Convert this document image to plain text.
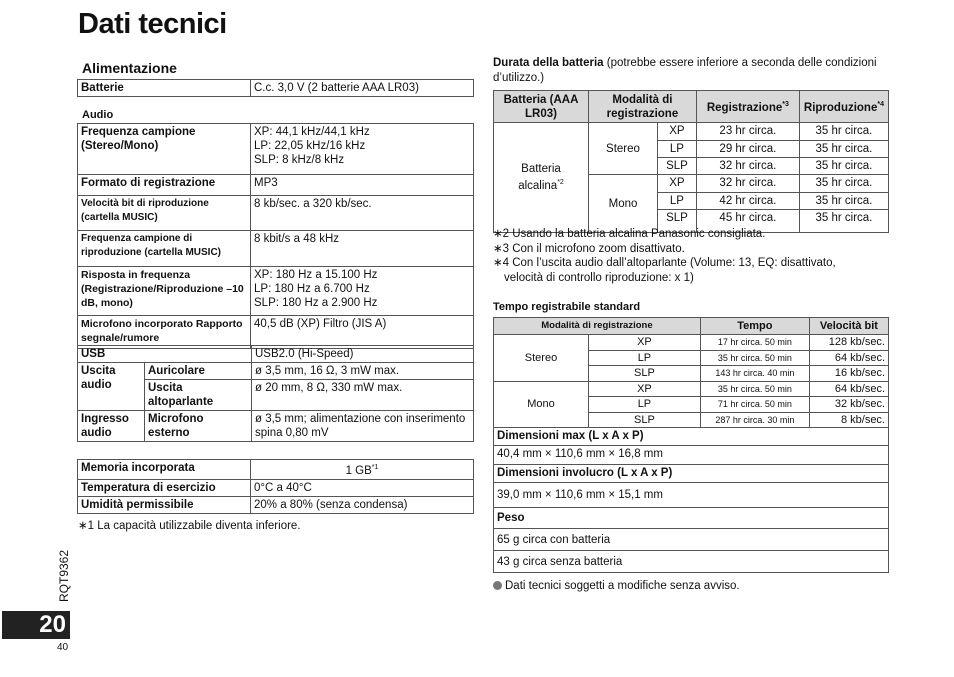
Dati tecnici
Alimentazione
Batterie	C.c. 3,0 V (2 batterie AAA LR03)
Audio
Frequenza campione (Stereo/Mono)	XP: 44,1 kHz/44,1 kHz
LP: 22,05 kHz/16 kHz
SLP: 8 kHz/8 kHz

Formato di registrazione	MP3

Velocità bit di riproduzione (cartella MUSIC)	8 kb/sec. a 320 kb/sec.

Frequenza campione di riproduzione (cartella MUSIC)	8 kbit/s a 48 kHz

Risposta in frequenza (Registrazione/Riproduzione –10 dB, mono)	XP: 180 Hz a 15.100 Hz
LP: 180 Hz a 6.700 Hz
SLP: 180 Hz a 2.900 Hz

Microfono incorporato Rapporto segnale/rumore	40,5 dB (XP) Filtro (JIS A)
USB		USB2.0 (Hi-Speed)
Uscita audio	Auricolare	ø 3,5 mm, 16 Ω, 3 mW max.
	Uscita altoparlante	ø 20 mm, 8 Ω, 330 mW max.
Ingresso audio	Microfono esterno	ø 3,5 mm; alimentazione con inserimento spina 0,80 mV
Memoria incorporata	1 GB$^{*1}$
Temperatura di esercizio	0°C a 40°C
Umidità permissibile	20% a 80% (senza condensa)
∗1 La capacità utilizzabile diventa inferiore.
Durata della batteria (potrebbe essere inferiore a seconda delle condizioni d’utilizzo.)
Batteria (AAA LR03)	Modalità di registrazione		Registrazione$^{*3}$	Riproduzione$^{*4}$
Batteria alcalina$^{*2}$	Stereo	XP	23 hr circa.	35 hr circa.
		LP	29 hr circa.	35 hr circa.
		SLP	32 hr circa.	35 hr circa.
	Mono	XP	32 hr circa.	35 hr circa.
		LP	42 hr circa.	35 hr circa.
		SLP	45 hr circa.	35 hr circa.
∗2 Usando la batteria alcalina Panasonic consigliata.
∗3 Con il microfono zoom disattivato.
∗4 Con l’uscita audio dall’altoparlante (Volume: 13, EQ: disattivato,
velocità di controllo riproduzione: x 1)
Tempo registrabile standard
Modalità di registrazione		Tempo	Velocità bit
Stereo	XP	17 hr circa. 50 min	128 kb/sec.
	LP	35 hr circa. 50 min	64 kb/sec.
	SLP	143 hr circa. 40 min	16 kb/sec.
Mono	XP	35 hr circa. 50 min	64 kb/sec.
	LP	71 hr circa. 50 min	32 kb/sec.
	SLP	287 hr circa. 30 min	8 kb/sec.
Dimensioni max (L x A x P)
40,4 mm × 110,6 mm × 16,8 mm
Dimensioni involucro (L x A x P)
39,0 mm × 110,6 mm × 15,1 mm
Peso
65 g circa con batteria
43 g circa senza batteria
Dati tecnici soggetti a modifiche senza avviso.
RQT9362
20
40
